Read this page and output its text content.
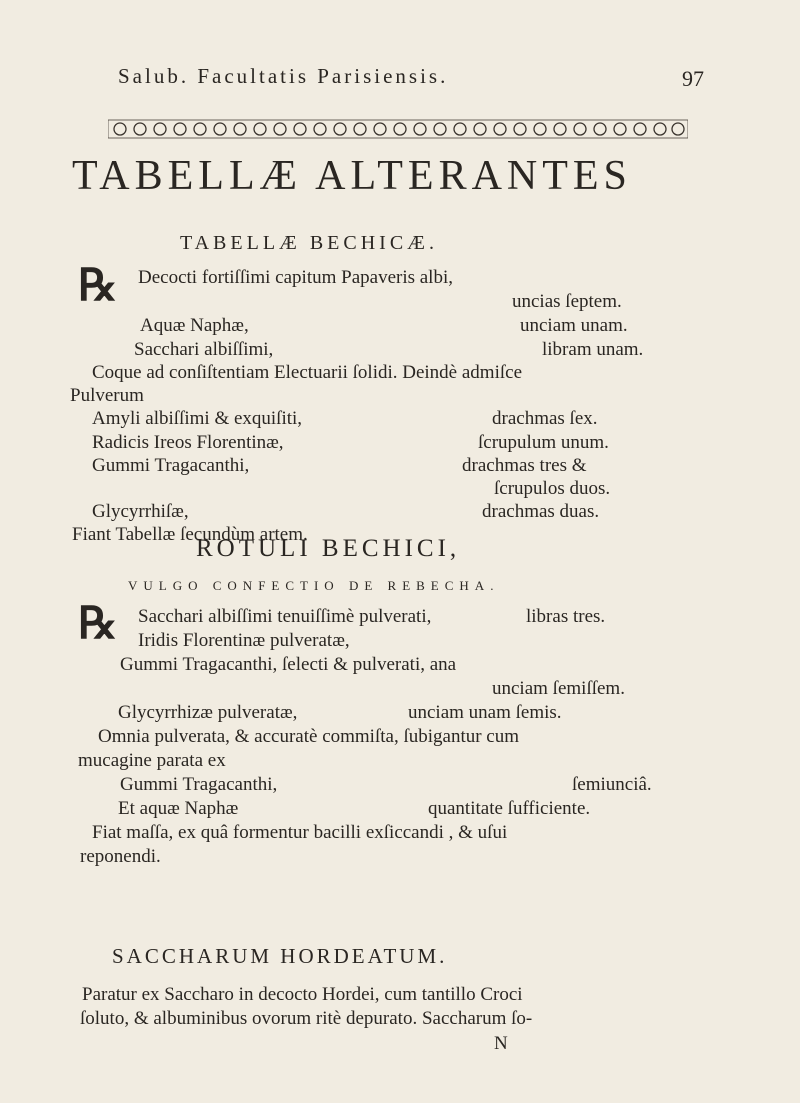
Salub. Facultatis Parisiensis.	97
TABELLÆ ALTERANTES
TABELLÆ BECHICÆ.
℞ Decocti fortiſſimi capitum Papaveris albi,
uncias ſeptem.
Aquæ Naphæ,	unciam unam.
Sacchari albiſſimi,	libram unam.
Coque ad conſiſtentiam Electuarii ſolidi. Deindè admiſce
Pulverum
Amyli albiſſimi & exquiſiti,	drachmas ſex.
Radicis Ireos Florentinæ,	ſcrupulum unum.
Gummi Tragacanthi,	drachmas tres &
ſcrupulos duos.
Glycyrrhiſæ,	drachmas duas.
Fiant Tabellæ ſecundùm artem.
ROTULI BECHICI,
VULGO CONFECTIO DE REBECHA.
℞ Sacchari albiſſimi tenuiſſimè pulverati,	libras tres.
Iridis Florentinæ pulveratæ,
Gummi Tragacanthi, ſelecti & pulverati, ana
unciam ſemiſſem.
Glycyrrhizæ pulveratæ,	unciam unam ſemis.
Omnia pulverata, & accuratè commiſta, ſubigantur cum
mucagine parata ex
Gummi Tragacanthi,	ſemiunciâ.
Et aquæ Naphæ	quantitate ſufficiente.
Fiat maſſa, ex quâ formentur bacilli exſiccandi , & uſui
reponendi.
SACCHARUM HORDEATUM.
Paratur ex Saccharo in decocto Hordei, cum tantillo Croci
ſoluto, & albuminibus ovorum ritè depurato. Saccharum ſo-
N
